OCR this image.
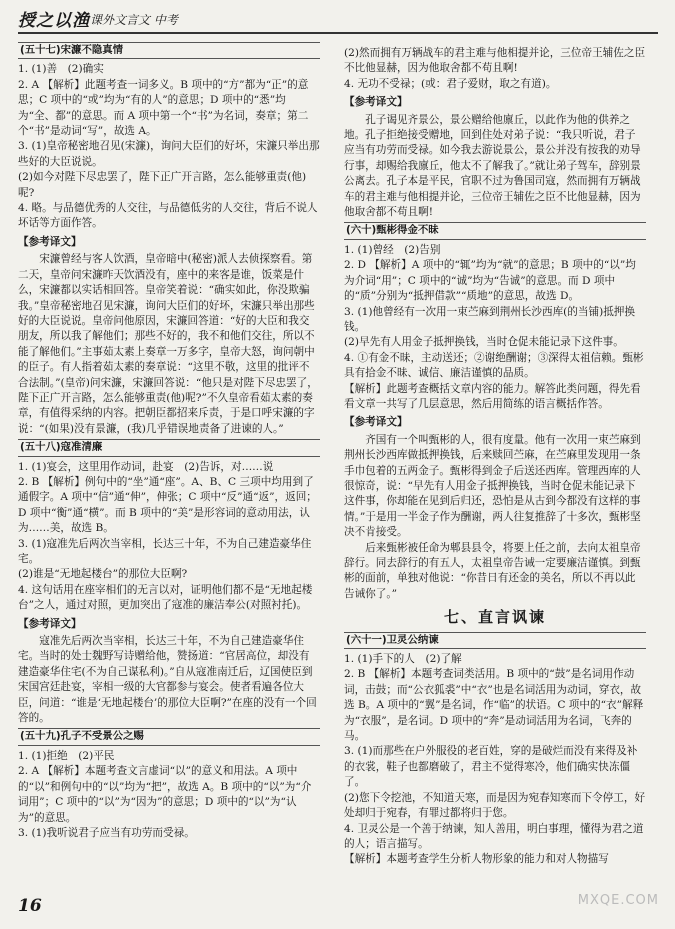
授之以渔 课外文言文 中考

(五十七)宋濂不隐真情

1. (1)善　(2)确实

2. A 【解析】此题考查一词多义。B 项中的“方”都为“正”的意思；C 项中的“或”均为“有的人”的意思；D 项中的“悉”均为“全、都”的意思。而 A 项中第一个“书”为名词，奏章；第二个“书”是动词“写”，故选 A。

3. (1)皇帝秘密地召见(宋濂)，询问大臣们的好坏，宋濂只举出那些好的大臣说说。

(2)如今对陛下尽忠罢了，陛下正广开言路，怎么能够重责(他)呢?

4. 略。与品德优秀的人交往，与品德低劣的人交往，背后不说人坏话等方面作答。

【参考译文】

宋濂曾经与客人饮酒，皇帝暗中(秘密)派人去侦探察看。第二天，皇帝问宋濂昨天饮酒没有，座中的来客是谁，饭菜是什么，宋濂都以实话相回答。皇帝笑着说：“确实如此，你没欺骗我。”皇帝秘密地召见宋濂，询问大臣们的好坏，宋濂只举出那些好的大臣说说。皇帝问他原因，宋濂回答道：“好的大臣和我交朋友，所以我了解他们；那些不好的，我不和他们交往，所以不能了解他们。”主事茹太素上奏章一万多字，皇帝大怒，询问朝中的臣子。有人指着茹太素的奏章说：“这里不敬，这里的批评不合法制。”(皇帝)问宋濂，宋濂回答说：“他只是对陛下尽忠罢了，陛下正广开言路，怎么能够重责(他)呢?”不久皇帝看茹太素的奏章，有值得采纳的内容。把朝臣都招来斥责，于是口呼宋濂的字说：“(如果)没有景濂，(我)几乎错误地责备了进谏的人。”

(五十八)寇准清廉

1. (1)宴会，这里用作动词，赴宴　(2)告诉，对……说

2. B 【解析】例句中的“坐”通“座”。A、B、C 三项中均用到了通假字。A 项中“信”通“伸”，伸张；C 项中“反”通“返”，返回；D 项中“衡”通“横”。而 B 项中的“美”是形容词的意动用法，认为……美，故选 B。

3. (1)寇准先后两次当宰相，长达三十年，不为自己建造豪华住宅。

(2)谁是“无地起楼台”的那位大臣啊?

4. 这句话用在座宰相们的无言以对，证明他们都不是“无地起楼台”之人，通过对照，更加突出了寇准的廉洁奉公(对照衬托)。

【参考译文】

寇准先后两次当宰相，长达三十年，不为自己建造豪华住宅。当时的处士魏野写诗赠给他，赞扬道：“官居高位，却没有建造豪华住宅(不为自己谋私利)。”自从寇准南迁后，辽国使臣到宋国宫廷赴宴，宰相一级的大官都参与宴会。使者看遍各位大臣，问道：“谁是‘无地起楼台’的那位大臣啊?”在座的没有一个回答的。

(五十九)孔子不受景公之赐

1. (1)拒绝　(2)平民

2. A 【解析】本题考查文言虚词“以”的意义和用法。A 项中的“以”和例句中的“以”均为“把”，故选 A。B 项中的“以”为“介词用”；C 项中的“以”为“因为”的意思；D 项中的“以”为“认为”的意思。

3. (1)我听说君子应当有功劳而受禄。

(2)然而拥有万辆战车的君主难与他相提并论，三位帝王辅佐之臣不比他显赫，因为他取舍都不苟且啊!

4. 无功不受禄；(或：君子爱财，取之有道)。

【参考译文】

孔子谒见齐景公，景公赠给他廪丘，以此作为他的供养之地。孔子拒绝接受赠地，回到住处对弟子说：“我只听说，君子应当有功劳而受禄。如今我去游说景公，景公并没有按我的劝导行事，却赐给我廪丘，他太不了解我了。”就让弟子驾车，辞别景公离去。孔子本是平民，官职不过为鲁国司寇，然而拥有万辆战车的君主难与他相提并论，三位帝王辅佐之臣不比他显赫，因为他取舍都不苟且啊!

(六十)甄彬得金不昧

1. (1)曾经　(2)告别

2. D 【解析】A 项中的“辄”均为“就”的意思；B 项中的“以”均为介词“用”；C 项中的“诚”均为“告诚”的意思。而 D 项中的“质”分别为“抵押借款”“质地”的意思，故选 D。

3. (1)他曾经有一次用一束苎麻到荆州长沙西库(的当铺)抵押换钱。

(2)早先有人用金子抵押换钱，当时仓促未能记录下这件事。

4. ①有金不昧，主动送还；②谢绝酬谢；③深得太祖信赖。甄彬具有拾金不昧、诚信、廉洁谨慎的品质。

【解析】此题考查概括文章内容的能力。解答此类问题，得先看看文章一共写了几层意思，然后用简练的语言概括作答。

【参考译文】

齐国有一个叫甄彬的人，很有度量。他有一次用一束苎麻到荆州长沙西库做抵押换钱，后来赎回苎麻，在苎麻里发现用一条手巾包着的五两金子。甄彬得到金子后送还西库。管理西库的人很惊奇，说：“早先有人用金子抵押换钱，当时仓促未能记录下这件事，你却能在见到后归还，恐怕是从古到今都没有这样的事情。”于是用一半金子作为酬谢，两人往复推辞了十多次，甄彬坚决不肯接受。

后来甄彬被任命为郫县县令，将要上任之前，去向太祖皇帝辞行。同去辞行的有五人，太祖皇帝告诫一定要廉洁谨慎。到甄彬的面前，单独对他说：“你昔日有还金的美名，所以不再以此告诫你了。”

七、直言讽谏

(六十一)卫灵公纳谏

1. (1)手下的人　(2)了解

2. B 【解析】本题考查词类活用。B 项中的“鼓”是名词用作动词，击鼓；而“公衣狐裘”中“衣”也是名词活用为动词，穿衣，故选 B。A 项中的“翼”是名词，作“临”的状语。C 项中的“衣”解释为“衣服”，是名词。D 项中的“奔”是动词活用为名词，飞奔的马。

3. (1)而那些在户外服役的老百姓，穿的是破烂而没有来得及补的衣裳，鞋子也都磨破了，君主不觉得寒冷，他们确实快冻僵了。

(2)您下令挖池，不知道天寒，而是因为宛春知寒而下令停工，好处却归于宛春，有罪过都将归于您。

4. 卫灵公是一个善于纳谏，知人善用，明白事理，懂得为君之道的人；语言描写。

【解析】本题考查学生分析人物形象的能力和对人物描写

16	MXQE.COM
